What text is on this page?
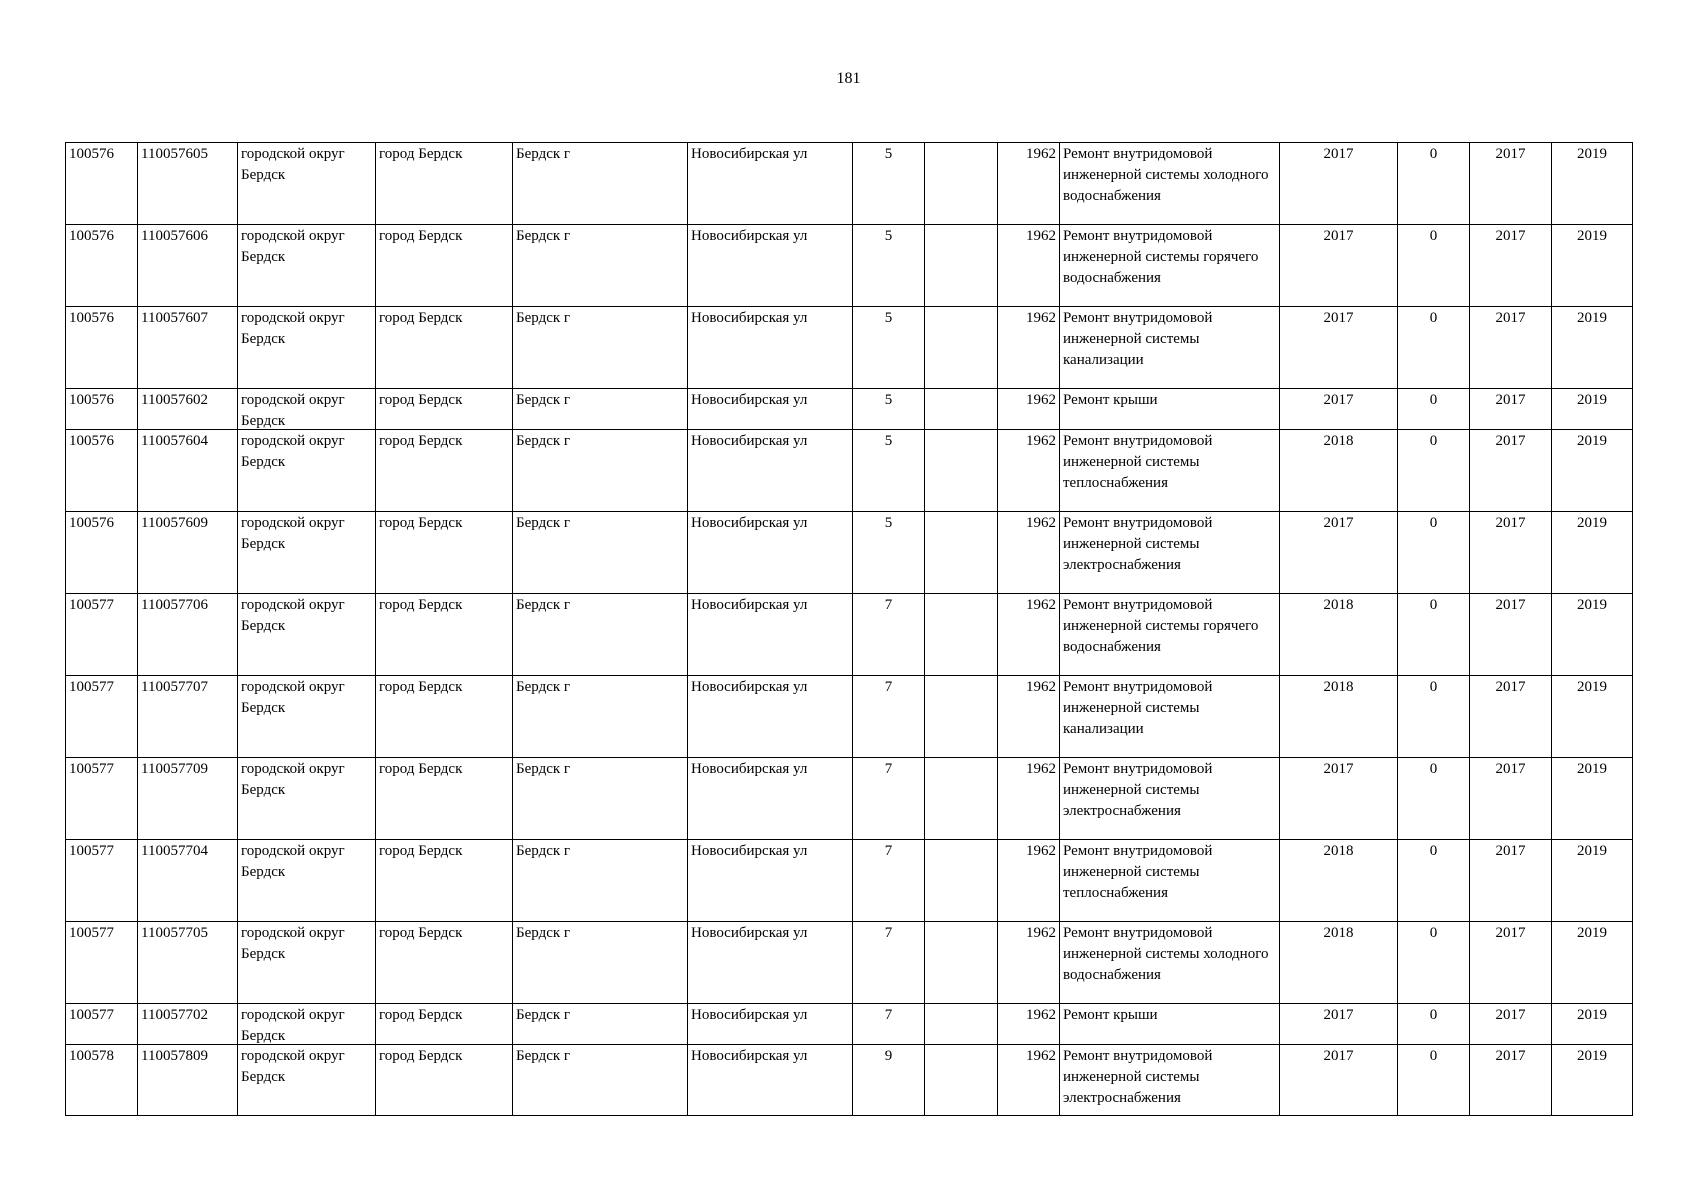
181
100576	110057605	городской округ Бердск	город Бердск	Бердск г	Новосибирская ул	5		1962	Ремонт внутридомовой инженерной системы холодного водоснабжения	2017	0	2017	2019

100576	110057606	городской округ Бердск	город Бердск	Бердск г	Новосибирская ул	5		1962	Ремонт внутридомовой инженерной системы горячего водоснабжения	2017	0	2017	2019

100576	110057607	городской округ Бердск	город Бердск	Бердск г	Новосибирская ул	5		1962	Ремонт внутридомовой инженерной системы канализации	2017	0	2017	2019

100576	110057602	городской округ Бердск	город Бердск	Бердск г	Новосибирская ул	5		1962	Ремонт крыши	2017	0	2017	2019

100576	110057604	городской округ Бердск	город Бердск	Бердск г	Новосибирская ул	5		1962	Ремонт внутридомовой инженерной системы теплоснабжения	2018	0	2017	2019

100576	110057609	городской округ Бердск	город Бердск	Бердск г	Новосибирская ул	5		1962	Ремонт внутридомовой инженерной системы электроснабжения	2017	0	2017	2019

100577	110057706	городской округ Бердск	город Бердск	Бердск г	Новосибирская ул	7		1962	Ремонт внутридомовой инженерной системы горячего водоснабжения	2018	0	2017	2019

100577	110057707	городской округ Бердск	город Бердск	Бердск г	Новосибирская ул	7		1962	Ремонт внутридомовой инженерной системы канализации	2018	0	2017	2019

100577	110057709	городской округ Бердск	город Бердск	Бердск г	Новосибирская ул	7		1962	Ремонт внутридомовой инженерной системы электроснабжения	2017	0	2017	2019

100577	110057704	городской округ Бердск	город Бердск	Бердск г	Новосибирская ул	7		1962	Ремонт внутридомовой инженерной системы теплоснабжения	2018	0	2017	2019

100577	110057705	городской округ Бердск	город Бердск	Бердск г	Новосибирская ул	7		1962	Ремонт внутридомовой инженерной системы холодного водоснабжения	2018	0	2017	2019

100577	110057702	городской округ Бердск	город Бердск	Бердск г	Новосибирская ул	7		1962	Ремонт крыши	2017	0	2017	2019

100578	110057809	городской округ Бердск	город Бердск	Бердск г	Новосибирская ул	9		1962	Ремонт внутридомовой инженерной системы электроснабжения	2017	0	2017	2019
